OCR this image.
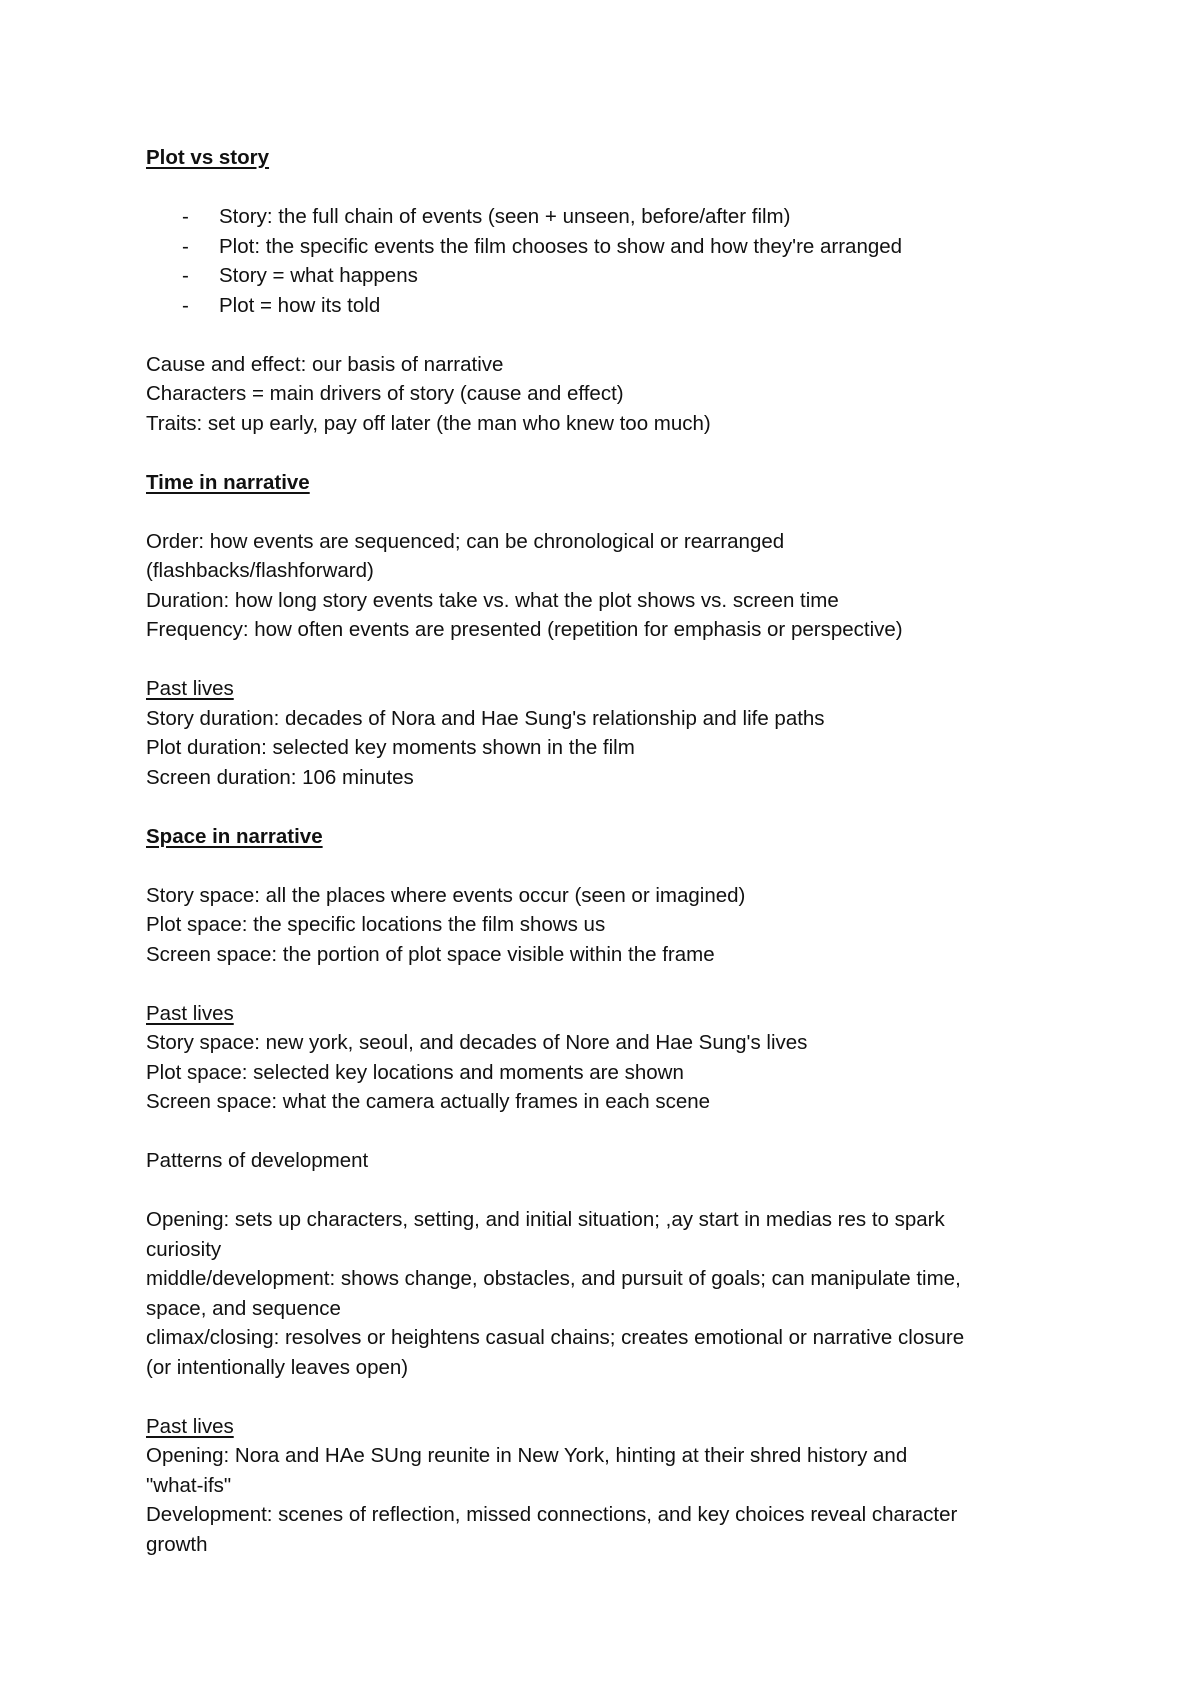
Plot vs story
- Story: the full chain of events (seen + unseen, before/after film)
- Plot: the specific events the film chooses to show and how they're arranged
- Story = what happens
- Plot = how its told
Cause and effect: our basis of narrative
Characters = main drivers of story (cause and effect)
Traits: set up early, pay off later (the man who knew too much)
Time in narrative
Order: how events are sequenced; can be chronological or rearranged
(flashbacks/flashforward)
Duration: how long story events take vs. what the plot shows vs. screen time
Frequency: how often events are presented (repetition for emphasis or perspective)
Past lives
Story duration: decades of Nora and Hae Sung's relationship and life paths
Plot duration: selected key moments shown in the film
Screen duration: 106 minutes
Space in narrative
Story space: all the places where events occur (seen or imagined)
Plot space: the specific locations the film shows us
Screen space: the portion of plot space visible within the frame
Past lives
Story space: new york, seoul, and decades of Nore and Hae Sung's lives
Plot space: selected key locations and moments are shown
Screen space: what the camera actually frames in each scene
Patterns of development
Opening: sets up characters, setting, and initial situation; ,ay start in medias res to spark
curiosity
middle/development: shows change, obstacles, and pursuit of goals; can manipulate time,
space, and sequence
climax/closing: resolves or heightens casual chains; creates emotional or narrative closure
(or intentionally leaves open)
Past lives
Opening: Nora and HAe SUng reunite in New York, hinting at their shred history and
"what-ifs"
Development: scenes of reflection, missed connections, and key choices reveal character
growth
